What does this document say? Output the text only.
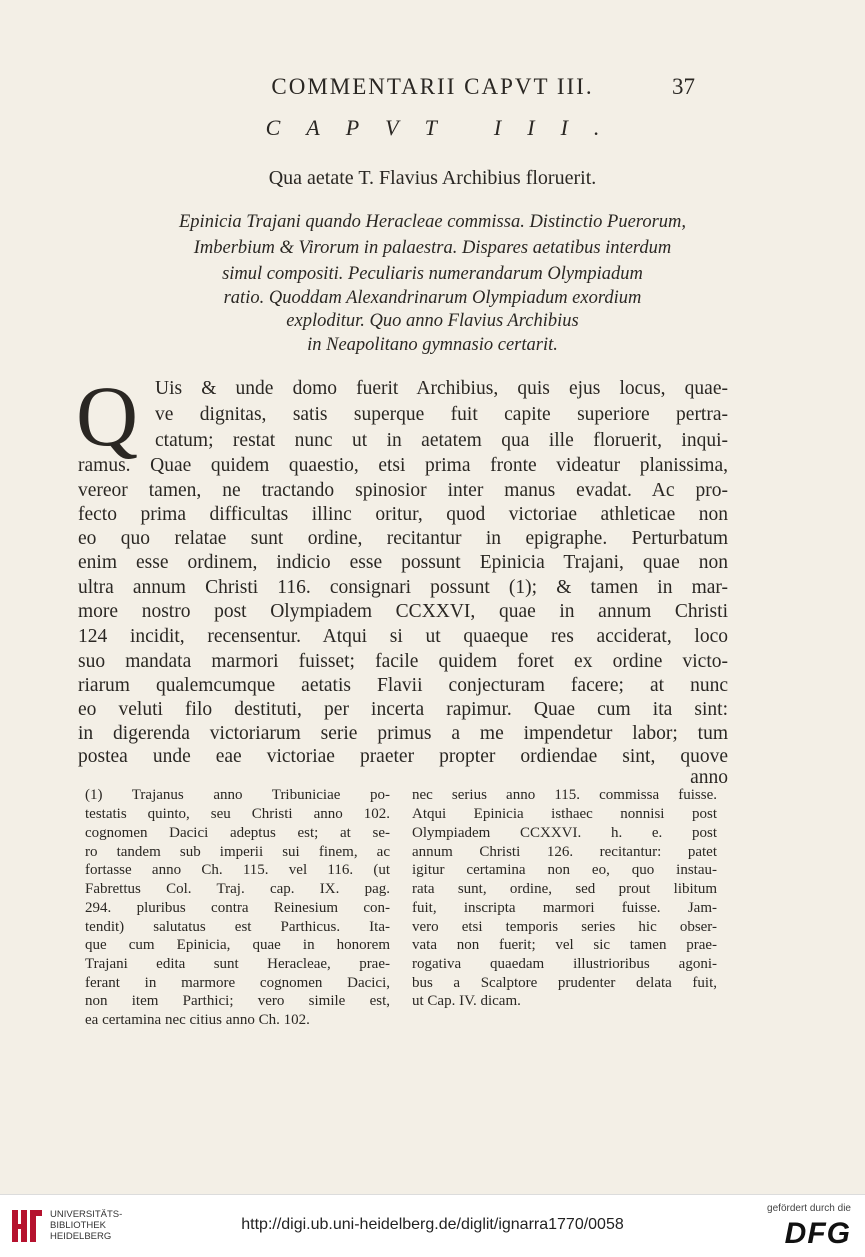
COMMENTARII CAPVT III.	37
CAPVT III.
Qua aetate T. Flavius Archibius floruerit.
Epinicia Trajani quando Heracleae commissa. Distinctio Puerorum,
Imberbium & Virorum in palaestra. Dispares aetatibus interdum
simul compositi. Peculiaris numerandarum Olympiadum
ratio. Quoddam Alexandrinarum Olympiadum exordium
exploditur. Quo anno Flavius Archibius
in Neapolitano gymnasio certarit.
Q Uis & unde domo fuerit Archibius, quis ejus locus, quae-
ve dignitas, satis superque fuit capite superiore pertra-
ctatum; restat nunc ut in aetatem qua ille floruerit, inqui-
ramus. Quae quidem quaestio, etsi prima fronte videatur planissima,
vereor tamen, ne tractando spinosior inter manus evadat. Ac pro-
fecto prima difficultas illinc oritur, quod victoriae athleticae non
eo quo relatae sunt ordine, recitantur in epigraphe. Perturbatum
enim esse ordinem, indicio esse possunt Epinicia Trajani, quae non
ultra annum Christi 116. consignari possunt (1); & tamen in mar-
more nostro post Olympiadem CCXXVI, quae in annum Christi
124 incidit, recensentur. Atqui si ut quaeque res acciderat, loco
suo mandata marmori fuisset; facile quidem foret ex ordine victo-
riarum qualemcumque aetatis Flavii conjecturam facere; at nunc
eo veluti filo destituti, per incerta rapimur. Quae cum ita sint:
in digerenda victoriarum serie primus a me impendetur labor; tum
postea unde eae victoriae praeter propter ordiendae sint, quove
anno
(1) Trajanus anno Tribuniciae po-
testatis quinto, seu Christi anno 102.
cognomen Dacici adeptus est; at se-
ro tandem sub imperii sui finem, ac
fortasse anno Ch. 115. vel 116. (ut
Fabrettus Col. Traj. cap. IX. pag.
294. pluribus contra Reinesium con-
tendit) salutatus est Parthicus. Ita-
que cum Epinicia, quae in honorem
Trajani edita sunt Heracleae, prae-
ferant in marmore cognomen Dacici,
non item Parthici; vero simile est,
ea certamina nec citius anno Ch. 102.
nec serius anno 115. commissa fuisse.
Atqui Epinicia isthaec nonnisi post
Olympiadem CCXXVI. h. e. post
annum Christi 126. recitantur: patet
igitur certamina non eo, quo instau-
rata sunt, ordine, sed prout libitum
fuit, inscripta marmori fuisse. Jam-
vero etsi temporis series hic obser-
vata non fuerit; vel sic tamen prae-
rogativa quaedam illustrioribus agoni-
bus a Scalptore prudenter delata fuit,
ut Cap. IV. dicam.
UNIVERSITÄTS-
BIBLIOTHEK
HEIDELBERG
http://digi.ub.uni-heidelberg.de/diglit/ignarra1770/0058
gefördert durch die
DFG
